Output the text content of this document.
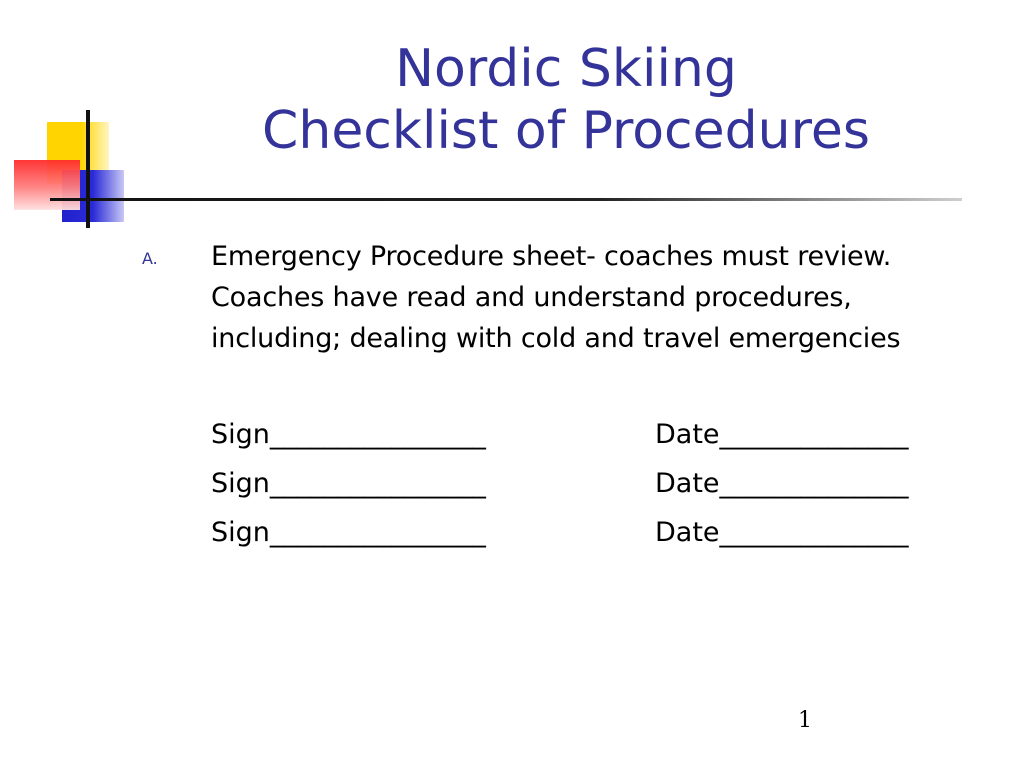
Nordic Skiing
Checklist of Procedures
A. Emergency Procedure sheet- coaches must review.
Coaches have read and understand procedures,
including; dealing with cold and travel emergencies
Sign________________	Date______________
Sign________________	Date______________
Sign________________	Date______________
1
